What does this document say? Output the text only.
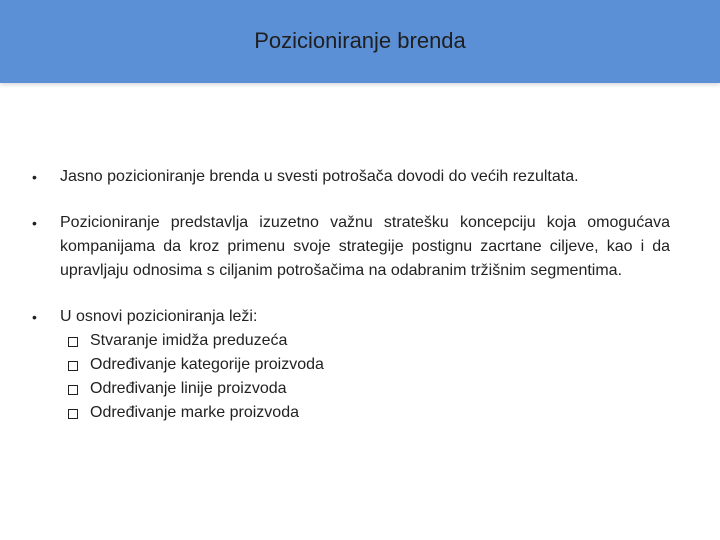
Pozicioniranje brenda
•	Jasno pozicioniranje brenda u svesti potrošača dovodi do većih rezultata.
•	Pozicioniranje predstavlja izuzetno važnu stratešku koncepciju koja omogućava kompanijama da kroz primenu svoje strategije postignu zacrtane ciljeve, kao i da upravljaju odnosima s ciljanim potrošačima na odabranim tržišnim segmentima.
•	U osnovi pozicioniranja leži:
Stvaranje imidža preduzeća
Određivanje kategorije proizvoda
Određivanje linije proizvoda
Određivanje marke proizvoda
